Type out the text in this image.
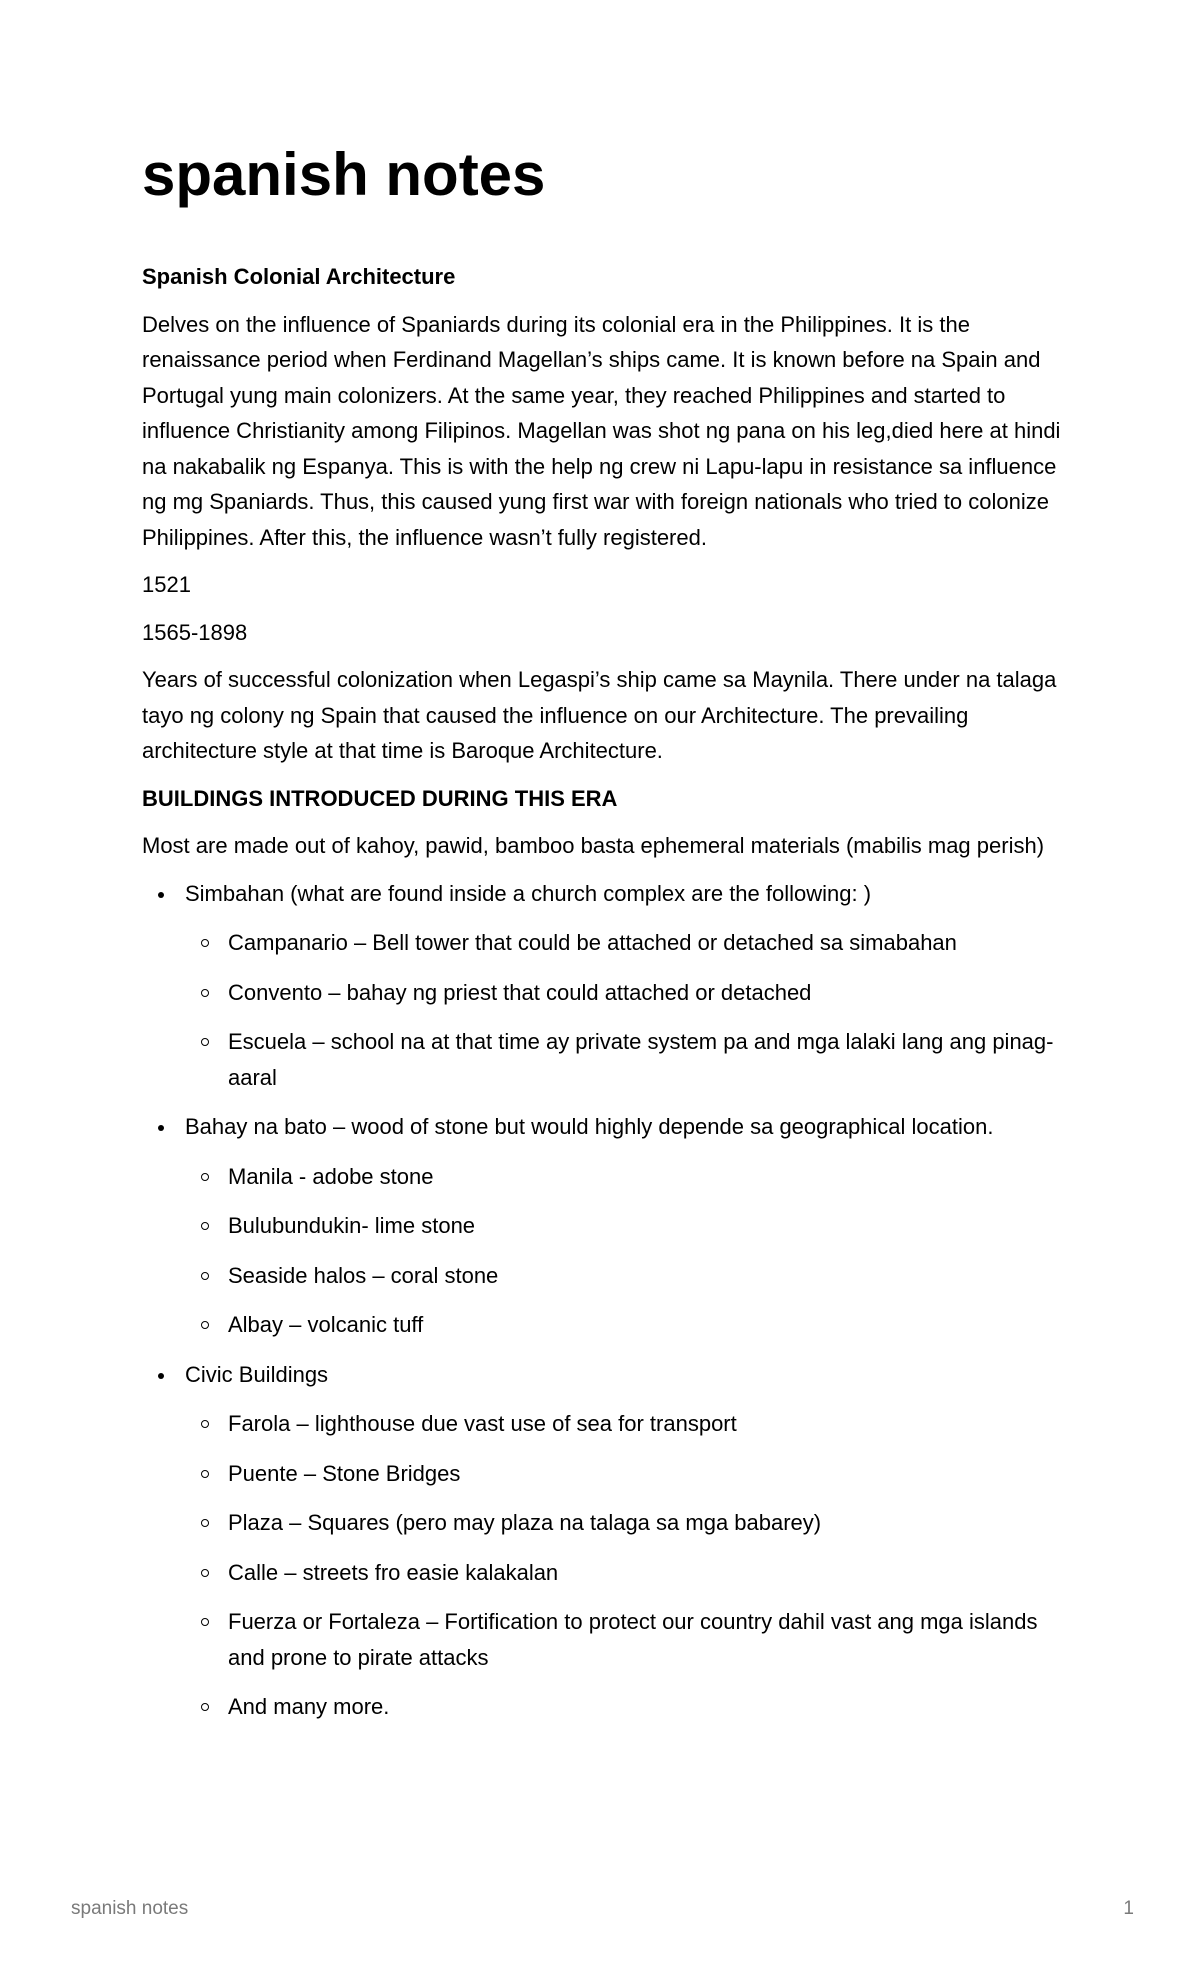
spanish notes

Spanish Colonial Architecture

Delves on the influence of Spaniards during its colonial era in the Philippines. It is the renaissance period when Ferdinand Magellan’s ships came. It is known before na Spain and Portugal yung main colonizers. At the same year, they reached Philippines and started to influence Christianity among Filipinos. Magellan was shot ng pana on his leg,died here at hindi na nakabalik ng Espanya. This is with the help ng crew ni Lapu-lapu in resistance sa influence ng mg Spaniards. Thus, this caused yung first war with foreign nationals who tried to colonize Philippines. After this, the influence wasn’t fully registered.

1521

1565-1898

Years of successful colonization when Legaspi’s ship came sa Maynila. There under na talaga tayo ng colony ng Spain that caused the influence on our Architecture. The prevailing architecture style at that time is Baroque Architecture.

BUILDINGS INTRODUCED DURING THIS ERA

Most are made out of kahoy, pawid, bamboo basta ephemeral materials (mabilis mag perish)

Simbahan (what are found inside a church complex are the following: )
Campanario – Bell tower that could be attached or detached sa simabahan
Convento – bahay ng priest that could attached or detached
Escuela – school na at that time ay private system pa and mga lalaki lang ang pinag-aaral
Bahay na bato – wood of stone but would highly depende sa geographical location.
Manila - adobe stone
Bulubundukin- lime stone
Seaside halos – coral stone
Albay – volcanic tuff
Civic Buildings
Farola – lighthouse due vast use of sea for transport
Puente – Stone Bridges
Plaza – Squares (pero may plaza na talaga sa mga babarey)
Calle – streets fro easie kalakalan
Fuerza or Fortaleza – Fortification to protect our country dahil vast ang mga islands and prone to pirate attacks
And many more.
spanish notes	1
